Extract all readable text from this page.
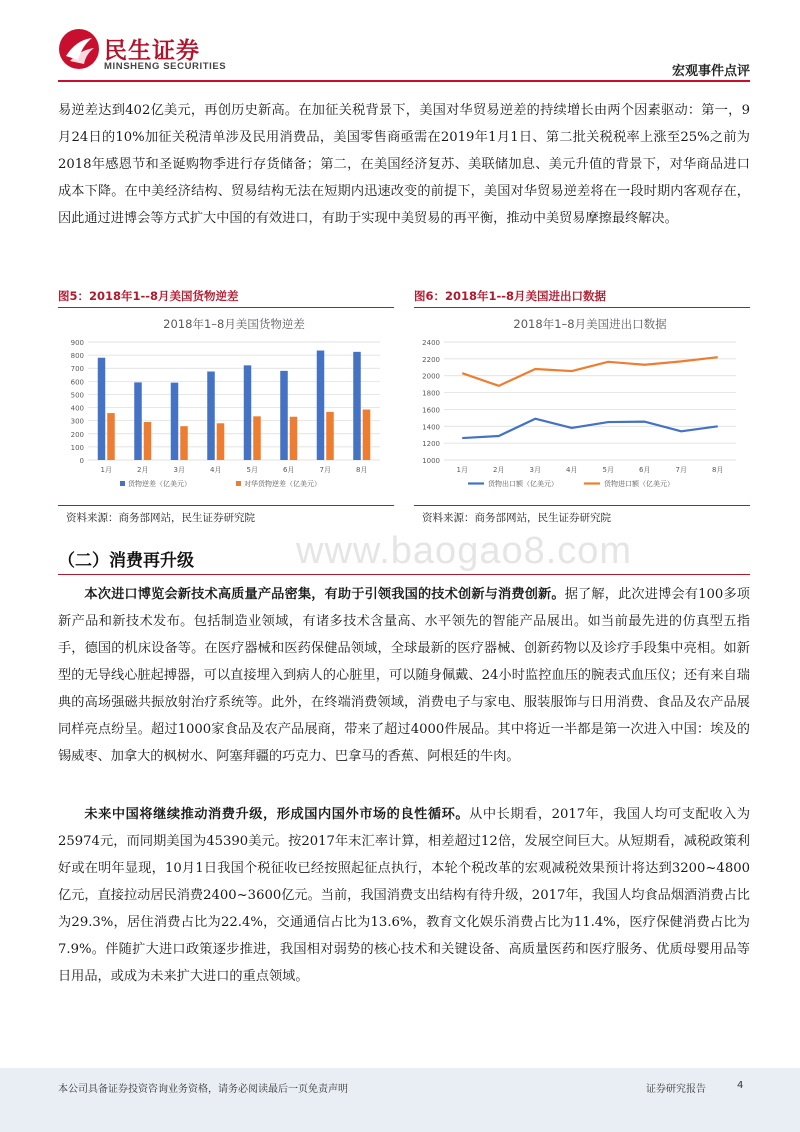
民生证券
MINSHENG SECURITIES	宏观事件点评

易逆差达到402亿美元，再创历史新高。在加征关税背景下，美国对华贸易逆差的持续增长由两个因素驱动：第一，9月24日的10%加征关税清单涉及民用消费品，美国零售商亟需在2019年1月1日、第二批关税税率上涨至25%之前为2018年感恩节和圣诞购物季进行存货储备；第二，在美国经济复苏、美联储加息、美元升值的背景下，对华商品进口成本下降。在中美经济结构、贸易结构无法在短期内迅速改变的前提下，美国对华贸易逆差将在一段时期内客观存在，因此通过进博会等方式扩大中国的有效进口，有助于实现中美贸易的再平衡，推动中美贸易摩擦最终解决。

图5：2018年1--8月美国货物逆差
2018年1–8月美国货物逆差
0
100
200
300
400
500
600
700
800
900
1月	2月	3月	4月	5月	6月	7月	8月
货物逆差（亿美元）	对华货物逆差（亿美元）
资料来源：商务部网站，民生证券研究院
图6：2018年1--8月美国进出口数据
2018年1–8月美国进出口数据
1000
1200
1400
1600
1800
2000
2200
2400
1月	2月	3月	4月	5月	6月	7月	8月
货物出口额（亿美元）	货物进口额（亿美元）
资料来源：商务部网站，民生证券研究院
www.baogao8.com
（二）消费再升级

本次进口博览会新技术高质量产品密集，有助于引领我国的技术创新与消费创新。据了解，此次进博会有100多项新产品和新技术发布。包括制造业领域，有诸多技术含量高、水平领先的智能产品展出。如当前最先进的仿真型五指手，德国的机床设备等。在医疗器械和医药保健品领域，全球最新的医疗器械、创新药物以及诊疗手段集中亮相。如新型的无导线心脏起搏器，可以直接埋入到病人的心脏里，可以随身佩戴、24小时监控血压的腕表式血压仪；还有来自瑞典的高场强磁共振放射治疗系统等。此外，在终端消费领域，消费电子与家电、服装服饰与日用消费、食品及农产品展同样亮点纷呈。超过1000家食品及农产品展商，带来了超过4000件展品。其中将近一半都是第一次进入中国：埃及的锡威枣、加拿大的枫树水、阿塞拜疆的巧克力、巴拿马的香蕉、阿根廷的牛肉。

未来中国将继续推动消费升级，形成国内国外市场的良性循环。从中长期看，2017年，我国人均可支配收入为25974元，而同期美国为45390美元。按2017年末汇率计算，相差超过12倍，发展空间巨大。从短期看，减税政策利好或在明年显现，10月1日我国个税征收已经按照起征点执行，本轮个税改革的宏观减税效果预计将达到3200~4800亿元，直接拉动居民消费2400~3600亿元。当前，我国消费支出结构有待升级，2017年，我国人均食品烟酒消费占比为29.3%，居住消费占比为22.4%，交通通信占比为13.6%，教育文化娱乐消费占比为11.4%，医疗保健消费占比为7.9%。伴随扩大进口政策逐步推进，我国相对弱势的核心技术和关键设备、高质量医药和医疗服务、优质母婴用品等日用品，或成为未来扩大进口的重点领域。

本公司具备证券投资咨询业务资格，请务必阅读最后一页免责声明	证券研究报告	4
